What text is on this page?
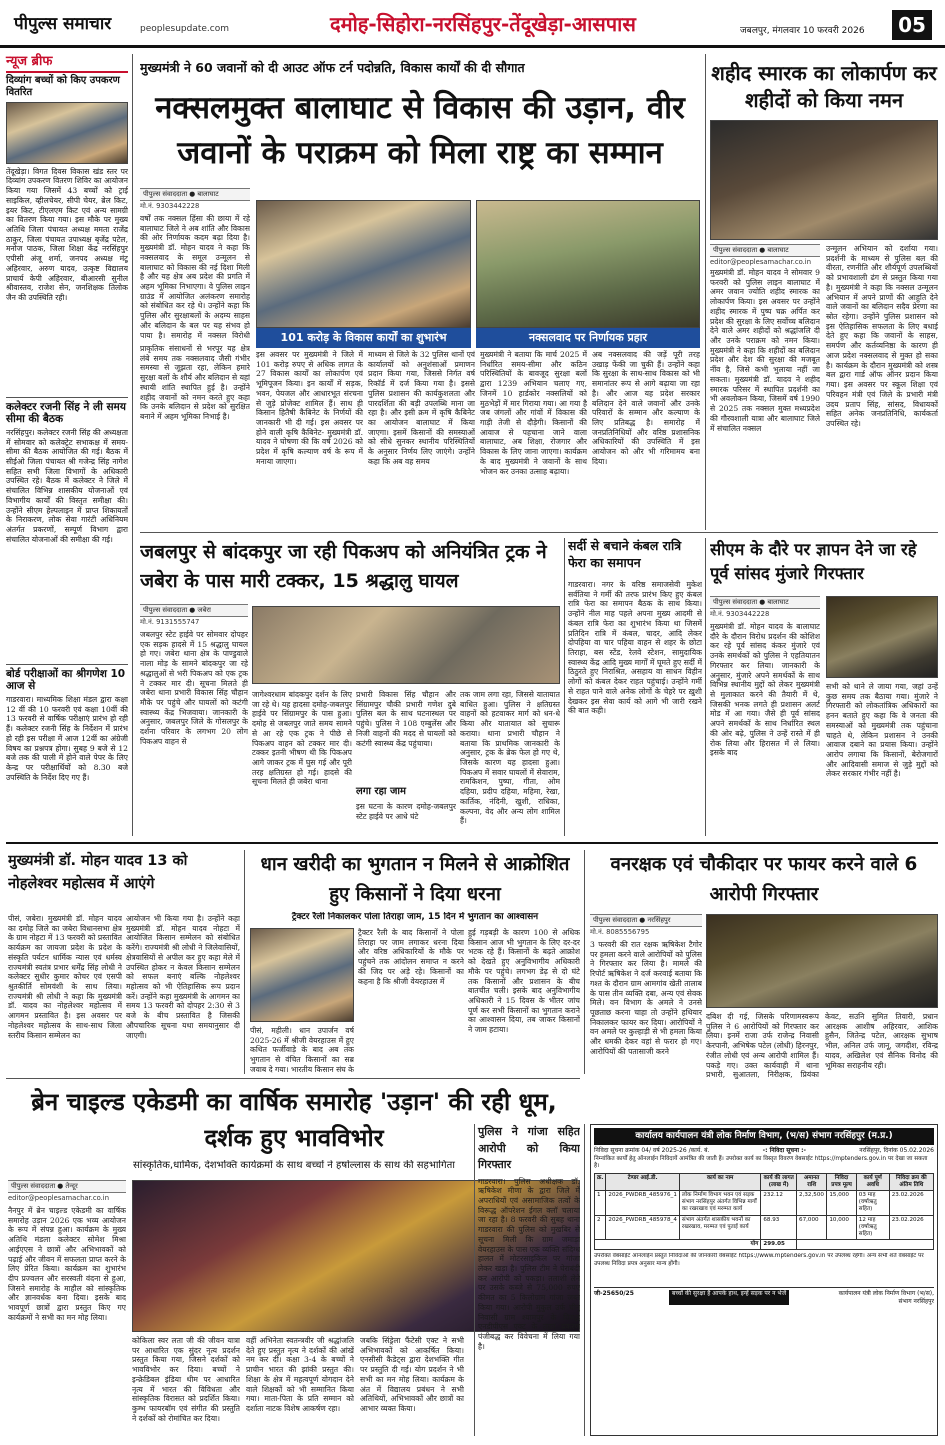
पीपुल्स समाचार	peoplesupdate.com	दमोह-सिहोरा-नरसिंहपुर-तेंदूखेड़ा-आसपास	जबलपुर, मंगलवार 10 फरवरी 2026	05
न्यूज ब्रीफ
दिव्यांग बच्चों को किए उपकरण वितरित
तेंदूखेड़ा। विगत दिवस विकास खंड स्तर पर दिव्यांग उपकरण वितरण शिविर का आयोजन किया गया जिसमें 43 बच्चों को ट्राई साइकिल, व्हीलचेयर, सीपी चेयर, ब्रेल किट, इयर किट, टीएलएम किट एवं अन्य सामग्री का वितरण किया गया। इस मौके पर मुख्य अतिथि जिला पंचायत अध्यक्ष ममता राजेंद्र ठाकुर, जिला पंचायत उपाध्यक्ष बृजेंद्र पटेल, मनोज पाठक, जिला शिक्षा केंद्र नरसिंहपुर एपीसी अंजू शर्मा, जनपद अध्यक्ष मंटू अहिरवार, अरुण यादव, उत्कृष्ट विद्यालय प्राचार्य केपी अहिरवार, बीआरसी सुनील श्रीवास्तव, राजेश सेन, जनशिक्षक तिलोक जैन की उपस्थिति रही।
कलेक्टर रजनी सिंह ने ली समय सीमा की बैठक
नरसिंहपुर। कलेक्टर रजनी सिंह की अध्यक्षता में सोमवार को कलेक्ट्रेट सभाकक्ष में समय-सीमा की बैठक आयोजित की गई। बैठक में सीईओ जिला पंचायत श्री गजेन्द्र सिंह नागेश सहित सभी जिला विभागों के अधिकारी उपस्थित रहे। बैठक में कलेक्टर ने जिले में संचालित विभिन्न शासकीय योजनाओं एवं विभागीय कार्यों की विस्तृत समीक्षा की। उन्होंने सीएम हेल्पलाइन में प्राप्त शिकायतों के निराकरण, लोक सेवा गारंटी अधिनियम अंतर्गत प्रकरणों, सम्पूर्ण विभाग द्वारा संचालित योजनाओं की समीक्षा की गई।
बोर्ड परीक्षाओं का श्रीगणेश 10 आज से
गाडरवारा। माध्यमिक शिक्षा मंडल द्वारा कक्षा 12 वीं की 10 फरवरी एवं कक्षा 10वीं की 13 फरवरी से वार्षिक परीक्षाएं प्रारंभ हो रही हैं। कलेक्टर रजनी सिंह के निर्देशन में प्रारंभ हो रही इस परीक्षा में आज 12वीं का अंग्रेजी विषय का प्रश्नपत्र होगा। सुबह 9 बजे से 12 बजे तक की पाली में होने वाले पेपर के लिए केन्द्र पर परीक्षार्थियों को 8.30 बजे उपस्थिति के निर्देश दिए गए हैं।
मुख्यमंत्री ने 60 जवानों को दी आउट ऑफ टर्न पदोन्नति, विकास कार्यों की दी सौगात
नक्सलमुक्त बालाघाट से विकास की उड़ान, वीर जवानों के पराक्रम को मिला राष्ट्र का सम्मान
पीपुल्स संवाददाता ● बालाघाट
मो.नं. 9303442228
वर्षों तक नक्सल हिंसा की छाया में रहे बालाघाट जिले ने अब शांति और विकास की ओर निर्णायक कदम बढ़ा दिया है। मुख्यमंत्री डॉ. मोहन यादव ने कहा कि नक्सलवाद के समूल उन्मूलन से बालाघाट को विकास की नई दिशा मिली है और यह क्षेत्र अब प्रदेश की प्रगति में अहम भूमिका निभाएगा। वे पुलिस लाइन ग्राउंड में आयोजित अलंकरण समारोह को संबोधित कर रहे थे। उन्होंने कहा कि पुलिस और सुरक्षाबलों के अदम्य साहस और बलिदान के बल पर यह संभव हो पाया है। समारोह में नक्सल विरोधी	101 करोड़ के विकास कार्यों का शुभारंभ	नक्सलवाद पर निर्णायक प्रहार
प्राकृतिक संसाधनों से भरपूर यह क्षेत्र लंबे समय तक नक्सलवाद जैसी गंभीर समस्या से जूझता रहा, लेकिन हमारे सुरक्षा बलों के शौर्य और बलिदान से यहां स्थायी शांति स्थापित हुई है। उन्होंने शहीद जवानों को नमन करते हुए कहा कि उनके बलिदान से प्रदेश को सुरक्षित बनाने में अहम भूमिका निभाई है।
इस अवसर पर मुख्यमंत्री ने जिले में 101 करोड़ रुपए से अधिक लागत के 27 विकास कार्यों का लोकार्पण एवं भूमिपूजन किया। इन कार्यों में सड़क, भवन, पेयजल और आधारभूत संरचना से जुड़े प्रोजेक्ट शामिल हैं। साथ ही किसान हितैषी कैबिनेट के निर्णयों की जानकारी भी दी गई। इस अवसर पर होने वाली कृषि कैबिनेट- मुख्यमंत्री डॉ. यादव ने घोषणा की कि वर्ष 2026 को प्रदेश में कृषि कल्याण वर्ष के रूप में मनाया जाएगा।
माध्यम से जिले के 32 पुलिस थानों एवं कार्यालयों को अनुशंसाओं प्रमाणन प्रदान किया गया, जिससे निर्गत वर्ष रिकॉर्ड में दर्ज किया गया है। इससे पुलिस प्रशासन की कार्यकुशलता और पारदर्शिता की बड़ी उपलब्धि माना जा रहा है। और इसी क्रम में कृषि कैबिनेट का आयोजन बालाघाट में किया जाएगा। इसमें किसानों की समस्याओं को सीधे सुनकर स्थानीय परिस्थितियों के अनुसार निर्णय लिए जाएंगे। उन्होंने कहा कि अब वह समय
मुख्यमंत्री ने बताया कि मार्च 2025 में निर्धारित समय-सीमा और कठिन परिस्थितियों के बावजूद सुरक्षा बलों द्वारा 1239 अभियान चलाए गए, जिनमें 10 हार्डकोर नक्सलियों को मुठभेड़ों में मार गिराया गया। आ गया है जब जंगलों और गांवों में विकास की गाड़ी तेजी से दौड़ेगी। किसानों की आवाज से पहचाना जाने वाला बालाघाट, अब शिक्षा, रोजगार और विकास के लिए जाना जाएगा। कार्यक्रम के बाद मुख्यमंत्री ने जवानों के साथ भोजन कर उनका उत्साह बढ़ाया।
अब नक्सलवाद की जड़ें पूरी तरह उखाड़ फेंकी जा चुकी हैं। उन्होंने कहा कि सुरक्षा के साथ-साथ विकास को भी समानांतर रूप से आगे बढ़ाया जा रहा है। और आज यह प्रदेश सरकार बलिदान देने वाले जवानों और उनके परिवारों के सम्मान और कल्याण के लिए प्रतिबद्ध है। समारोह में जनप्रतिनिधियों और वरिष्ठ प्रशासनिक अधिकारियों की उपस्थिति में इस आयोजन को और भी गरिमामय बना दिया।
शहीद स्मारक का लोकार्पण कर शहीदों को किया नमन
पीपुल्स संवाददाता ● बालाघाट
editor@peoplesamachar.co.in
मुख्यमंत्री डॉ. मोहन यादव ने सोमवार 9 फरवरी को पुलिस लाइन बालाघाट में अमर जवान ज्योति शहीद स्मारक का लोकार्पण किया। इस अवसर पर उन्होंने शहीद स्मारक में पुष्प चक्र अर्पित कर प्रदेश की सुरक्षा के लिए सर्वोच्च बलिदान देने वाले अमर शहीदों को श्रद्धांजलि दी और उनके पराक्रम को नमन किया। मुख्यमंत्री ने कहा कि शहीदों का बलिदान प्रदेश और देश की सुरक्षा की मजबूत नींव है, जिसे कभी भुलाया नहीं जा सकता। मुख्यमंत्री डॉ. यादव ने शहीद स्मारक परिसर में स्थापित प्रदर्शनी का भी अवलोकन किया, जिसमें वर्ष 1990 से 2025 तक नक्सल मुक्त मध्यप्रदेश की गौरवशाली यात्रा और बालाघाट जिले में संचालित नक्सल
उन्मूलन अभियान को दर्शाया गया। प्रदर्शनी के माध्यम से पुलिस बल की वीरता, रणनीति और शौर्यपूर्ण उपलब्धियों को प्रभावशाली ढंग से प्रस्तुत किया गया है। मुख्यमंत्री ने कहा कि नक्सल उन्मूलन अभियान में अपने प्राणों की आहुति देने वाले जवानों का बलिदान सदैव प्रेरणा का स्रोत रहेगा। उन्होंने पुलिस प्रशासन को इस ऐतिहासिक सफलता के लिए बधाई देते हुए कहा कि जवानों के साहस, समर्पण और कर्तव्यनिष्ठा के कारण ही आज प्रदेश नक्सलवाद से मुक्त हो सका है। कार्यक्रम के दौरान मुख्यमंत्री को शस्त्र बल द्वारा गार्ड ऑफ ऑनर प्रदान किया गया। इस अवसर पर स्कूल शिक्षा एवं परिवहन मंत्री एवं जिले के प्रभारी मंत्री उदय प्रताप सिंह, सांसद, विधायकों सहित अनेक जनप्रतिनिधि, कार्यकर्ता उपस्थित रहे।
जबलपुर से बांदकपुर जा रही पिकअप को अनियंत्रित ट्रक ने जबेरा के पास मारी टक्कर, 15 श्रद्धालु घायल
पीपुल्स संवाददाता ● जबेरा
मो.नं. 9131555747
जबलपुर स्टेट हाईवे पर सोमवार दोपहर एक सड़क हादसे में 15 श्रद्धालु घायल हो गए। जबेरा थाना क्षेत्र के पाण्डुवाले नाला मोड़ के सामने बांदकपुर जा रहे श्रद्धालुओं से भरी पिकअप को एक ट्रक ने टक्कर मार दी। सूचना मिलते ही जबेरा थाना प्रभारी विकास सिंह चौहान मौके पर पहुंचे और घायलों को कटंगी स्वास्थ्य केंद्र भिजवाया। जानकारी के अनुसार, जबलपुर जिले के गोसलपुर के दर्शना परिवार के लगभग 20 लोग पिकअप वाहन से
जागेश्वरधाम बांदकपुर दर्शन के लिए जा रहे थे। यह हादसा दमोह-जबलपुर हाईवे पर सिंग्रामपुर के पास हुआ। दमोह से जबलपुर जाते समय सामने से आ रहे एक ट्रक ने पीछे से पिकअप वाहन को टक्कर मार दी। टक्कर इतनी भीषण थी कि पिकअप आगे जाकर ट्रक में घुस गई और पूरी तरह क्षतिग्रस्त हो गई। हादसे की सूचना मिलते ही जबेरा थाना
प्रभारी विकास सिंह चौहान और सिंग्रामपुर चौकी प्रभारी गणेश दुबे पुलिस बल के साथ घटनास्थल पर पहुंचे। पुलिस ने 108 एम्बुलेंस और निजी वाहनों की मदद से घायलों को कटंगी स्वास्थ्य केंद्र पहुंचाया।
लगा रहा जाम
इस घटना के कारण दमोह-जबलपुर स्टेट हाईवे पर आधे घंटे
तक जाम लगा रहा, जिससे यातायात बाधित हुआ। पुलिस ने क्षतिग्रस्त वाहनों को हटवाकर मार्ग को धन-धे किया और यातायात को सुचारू कराया। थाना प्रभारी चौहान ने बताया कि प्राथमिक जानकारी के अनुसार, ट्रक के ब्रेक फेल हो गए थे, जिसके कारण यह हादसा हुआ। पिकअप में सवार घायलों में सेवाराम, रामकिशन, पुष्पा, गीता, ओम दहिया, प्रदीप दहिया, महिमा, रेखा, कार्तिक, नंदिनी, खुशी, राधिका, कल्पना, वेद और अन्य लोग शामिल हैं।
सर्दी से बचाने कंबल रात्रि फेरा का समापन
गाडरवारा। नगर के वरिष्ठ समाजसेवी मुकेश सर्वतिया ने गर्मी की तरफ प्रारंभ किए हुए कंबल रात्रि फेरा का समापन बैठक के साथ किया। उन्होंने नील माह पहले अपना मुख्य आदमी से कंबल रात्रि फेरा का शुभारंभ किया था जिसमें प्रतिदिन रात्रि में कंबल, चादर, आदि लेकर दोपहिया वा चार पहिया वाहन से शहर के छोटा तिराहा, बस स्टेंड, रेलवे स्टेशन, सामुदायिक स्वास्थ्य केंद्र आदि मुख्य मार्गों में घूमते हुए सर्दी में ठिठुरते हुए निराश्रित, असहाय वा साधन विहीन लोगों को कंबल देकर राहत पहुंचाई। उन्होंने गर्मी से राहत पाने वाले अनेक लोगों के चेहरे पर ख़ुशी देखकर इस सेवा कार्य को आगे भी जारी रखने की बात कही।
सीएम के दौरे पर ज्ञापन देने जा रहे पूर्व सांसद मुंजारे गिरफ्तार
पीपुल्स संवाददाता ● बालाघाट
मो.नं. 9303442228
मुख्यमंत्री डॉ. मोहन यादव के बालाघाट दौरे के दौरान विरोध प्रदर्शन की कोशिश कर रहे पूर्व सांसद कंकर मुंजारे एवं उनके समर्थकों को पुलिस ने एहतियातन गिरफ्तार कर लिया। जानकारी के अनुसार, मुंजारे अपने समर्थकों के साथ विभिन्न स्थानीय मुद्दों को लेकर मुख्यमंत्री से मुलाकात करने की तैयारी में थे, जिसकी भनक लगते ही प्रशासन अलर्ट मोड में आ गया। जैसे ही पूर्व सांसद अपने समर्थकों के साथ निर्धारित स्थल की ओर बढ़े, पुलिस ने उन्हें रास्ते में ही रोक लिया और हिरासत में ले लिया। इसके बाद
सभी को थाने ले जाया गया, जहां उन्हें कुछ समय तक बैठाया गया। मुंजारे ने गिरफ्तारी को लोकतांत्रिक अधिकारों का हनन बताते हुए कहा कि वे जनता की समस्याओं को मुख्यमंत्री तक पहुंचाना चाहते थे, लेकिन प्रशासन ने उनकी आवाज दबाने का प्रयास किया। उन्होंने आरोप लगाया कि किसानों, बेरोजगारों और आदिवासी समाज से जुड़े मुद्दों को लेकर सरकार गंभीर नहीं है।
मुख्यमंत्री डॉ. मोहन यादव 13 को नोहलेश्वर महोत्सव में आएंगे
पीसं, जबेरा। मुख्यमंत्री डॉ. मोहन यादव का दमोह जिले का जबेरा विधानसभा क्षेत्र के ग्राम नोहटा में 13 फरवरी को प्रस्तावित कार्यक्रम का जायजा प्रदेश के प्रदेश के संस्कृति पर्यटन धार्मिक न्यास एवं धर्मस्व राज्यमंत्री स्वतंत्र प्रभार धर्मेंद्र सिंह लोधी ने कलेक्टर सुधीर कुमार कोचर एवं एसपी श्रुतकीर्ति सोमवंशी के साथ लिया। राज्यमंत्री श्री लोधी ने कहा कि मुख्यमंत्री डॉ. यादव का नोहलेश्वर महोत्सव में आगमन प्रस्तावित है। इस अवसर पर नोहलेश्वर महोत्सव के साथ-साथ जिला स्तरीय किसान सम्मेलन का
आयोजन भी किया गया है। उन्होंने कहा मुख्यमंत्री डॉ. मोहन यादव नोहटा में आयोजित किसान सम्मेलन को संबोधित करेंगे। राज्यमंत्री श्री लोधी ने जिलेवासियों, क्षेत्रवासियों से अपील कर हुए कहा मेले में उपस्थित होकर न केवल किसान सम्मेलन को सफल बनाएं बल्कि नोहलेश्वर महोत्सव को भी ऐतिहासिक रूप प्रदान करें। उन्होंने कहा मुख्यमंत्री के आगमन का समय 13 फरवरी को दोपहर 2:30 से 3 बजे के बीच प्रस्तावित है जिसकी औपचारिक सूचना यथा समयानुसार दी जाएगी।
धान खरीदी का भुगतान न मिलने से आक्रोशित हुए किसानों ने दिया धरना
ट्रैक्टर रैली निकालकर पोला तिराहा जाम, 15 दिन में भुगतान का आश्वासन
पीसं, महीली। धान उपार्जन वर्ष 2025-26 में श्रीजी वेयरहाउस में हुए कथित फर्जीवाड़े के बाद अब तक भुगतान से वंचित किसानों का सब्र जवाब दे गया। भारतीय किसान संघ के
ट्रैक्टर रैली के बाद किसानों ने पोला तिराहा पर जाम लगाकर धरना दिया और वरिष्ठ अधिकारियों के मौके पर पहुंचने तक आंदोलन समाप्त न करने की जिद पर अड़े रहे। किसानों का कहना है कि श्रीजी वेयरहाउस में
हुई गड़बड़ी के कारण 100 से अधिक किसान आज भी भुगतान के लिए दर-दर भटक रहे हैं। किसानों के बढ़ते आक्रोश को देखते हुए अनुविभागीय अधिकारी मौके पर पहुंचे। लगभग डेढ़ से दो घंटे तक किसानों और प्रशासन के बीच बातचीत चली। इसके बाद अनुविभागीय अधिकारी ने 15 दिवस के भीतर जांच पूर्ण कर सभी किसानों का भुगतान कराने का आश्वासन दिया, तब जाकर किसानों ने जाम हटाया।
वनरक्षक एवं चौकीदार पर फायर करने वाले 6 आरोपी गिरफ्तार
पीपुल्स संवाददाता ● नरसिंहपुर
मो.नं. 8085556795
3 फरवरी की रात रक्षक ऋषिकेश टैगोर पर हमला करने वाले आरोपियों को पुलिस ने गिरफ्तार कर लिया है। मामले की रिपोर्ट ऋषिकेश ने दर्ज करवाई बताया कि गश्त के दौरान ग्राम आमगांव खेती तालाब के पास तीन व्यक्ति दबा, अन्य एवं सेवक मिले। वन विभाग के अमले ने उनसे पूछताछ करना चाहा तो उन्होंने हथियार निकालकर फायर कर दिया। आरोपियों ने वन अमले पर कुल्हाड़ी से भी हमला किया और धमकी देकर वहां से फरार हो गए। आरोपियों की पतासाजी करने
दबिश दी गई, जिसके परिणामस्वरूप पुलिस ने 6 आरोपियों को गिरफ्तार कर लिया। इनमें राजा उर्फ राजेन्द्र निवासी केरपानी, अभिषेक पटेल (लोधी) हिरनपुर, रंजीत लोधी एवं अन्य आरोपी शामिल हैं। पकड़े गए। उक्त कार्यवाही में थाना प्रभारी, सुआतला, निरीक्षक, प्रियंका केवट, सउनि सुमित तिवारी, प्रधान आरक्षक आशीष अहिरवार, आशिक हुसैन, जितेन्द्र पटेल, आरक्षक सुभाष भील, अनिल उर्फ जानू, जगदीश, रविन्द्र यादव, अखिलेश एवं सैनिक विनोद की भूमिका सराहनीय रही।
ब्रेन चाइल्ड एकेडमी का वार्षिक समारोह 'उड़ान' की रही धूम, दर्शक हुए भावविभोर
सांस्कृतिक,धार्मिक, देशभक्ति कार्यक्रमों के साथ बच्चों ने हर्षोल्लास के साथ की सहभागिता
पीपुल्स संवाददाता ● तेन्दूर
editor@peoplesamachar.co.in
नैनपुर में ब्रेन चाइल्ड एकेडमी का वार्षिक समारोह उड़ान 2026 एक भव्य आयोजन के रूप में संपन्न हुआ। कार्यक्रम के मुख्य अतिथि मंडला कलेक्टर सोमेश मिश्रा आईएएस ने छात्रों और अभिभावकों को पढ़ाई और जीवन में सफलता प्राप्त करने के लिए प्रेरित किया। कार्यक्रम का शुभारंभ दीप प्रज्वलन और सरस्वती वंदना से हुआ, जिसने समारोह के माहौल को सांस्कृतिक और ज्ञानवर्धक बना दिया। इसके बाद भावपूर्ण छात्रों द्वारा प्रस्तुत किए गए कार्यक्रमों ने सभी का मन मोह लिया।
कोकिला स्वर लता जी की जीवन यात्रा पर आधारित एक सुंदर नृत्य प्रदर्शन प्रस्तुत किया गया, जिसने दर्शकों को भावविभोर कर दिया। बच्चों ने इन्क्रेडिबल इंडिया थीम पर आधारित नृत्य में भारत की विविधता और सांस्कृतिक विरासत को प्रदर्शित किया। कुम्भ फायरबॉम एवं संगीत की प्रस्तुति ने दर्शकों को रोमांचित कर दिया।
वहीं अभिनेता स्वतन्त्रवीर जी श्रद्धांजलि देते हुए प्रस्तुत नृत्य ने दर्शकों की आंखें नम कर दीं। कक्षा 3-4 के बच्चों ने प्राचीन भारत की झांकी प्रस्तुत की। शिक्षा के क्षेत्र में महत्वपूर्ण योगदान देने वाले शिक्षकों को भी सम्मानित किया गया। माता-पिता के प्रति सम्मान को दर्शाता नाटक विशेष आकर्षण रहा।
जबकि सिंड्रेला फैंटेसी एक्ट ने सभी अभिभावकों को आकर्षित किया। एनसीसी कैडेट्स द्वारा देशभक्ति गीत पर प्रस्तुति दी गई। योग प्रदर्शन ने भी सभी का मन मोह लिया। कार्यक्रम के अंत में विद्यालय प्रबंधन ने सभी अतिथियों, अभिभावकों और छात्रों का आभार व्यक्त किया।
पुलिस ने गांजा सहित आरोपी को किया गिरफ्तार
गाडरवारा। पुलिस अधीक्षक डॉ. ऋषिकेश मीणा के द्वारा जिले में अपराधियों एवं असामाजिक तत्वों के विरूद्ध ऑपरेशन ईगल क्लॉ चलाया जा रहा है। 8 फरवरी की सुबह थाना गाडरवारा की पुलिस को मुखबिर से सूचना मिली कि ग्राम जमाड़ा वेयरहाउस के पास एक व्यक्ति संदिग्ध हालत में मोटरसाइकिल पर गांजा लेकर खड़ा है। पुलिस टीम ने घेराबंदी कर आरोपी को पकड़ा। तलाशी लेने पर उसके कब्जे से 75,000 रुपए कीमत का 5 किलोग्राम गांजा जब्त किया गया। आरोपी मुकुल उर्फ चीनू निवासी ग्राम श्यामपुर के विरुद्ध एनडीपीएस एक्ट के तहत प्रकरण पंजीबद्ध कर विवेचना में लिया गया है।
कार्यालय कार्यपालन यंत्री लोक निर्माण विभाग, (भ/स) संभाग नरसिंहपुर (म.प्र.)
निविदा सूचना क्रमांक 04/ वर्ष 2025-26 /कार्य. बं.	-: निविदा सूचना :-	नरसिंहपुर, दिनांक 05.02.2026
निम्नांकित कार्यों हेतु ऑनलाईन निविदायें आमंत्रित की जाती हैं। उपरोक्त कार्य का विस्तृत विवरण वेबसाईट https://mptenders.gov.in पर देखा जा सकता है।
क्र.	टेण्डर आई.डी.	कार्य का नाम	कार्य की लागत (लाख में)	अमानत राशि	निविदा प्रपत्र मूल्य	कार्य पूर्ण अवधि	निविदा क्रय की अंतिम तिथि
1	2026_PWDRB_485976_1	लोक निर्माण विभाग भवन एवं सड़क संभाग नरसिंहपुर अंतर्गत विभिन्न मार्गों का रखरखाव एवं मरम्मत कार्य	232.12	2,32,500	15,000	03 माह (वर्षाऋतु सहित)	23.02.2026
2	2026_PWDRB_485978_4	संभाग अंतर्गत शासकीय भवनों का रखरखाव, मरम्मत एवं पुताई कार्य	68.93	67,000	10,000	12 माह (वर्षाऋतु सहित)	23.02.2026
योग			299.05				
उपरोक्त वेबसाईट ऑनलाईन प्रस्तुत निविदाओं की जानकारी वेबसाईट https://www.mptenders.gov.in पर उपलब्ध रहेगी। अन्य सभी शर्तें वेबसाईट पर उपलब्ध निविदा प्रपत्र अनुसार मान्य होंगी।
जी-25650/25	बच्चों की सुरक्षा है आपके हाथ, इन्हें सड़क पर न भेजें	कार्यपालन यंत्री लोक निर्माण विभाग (भ/स), संभाग नरसिंहपुर
